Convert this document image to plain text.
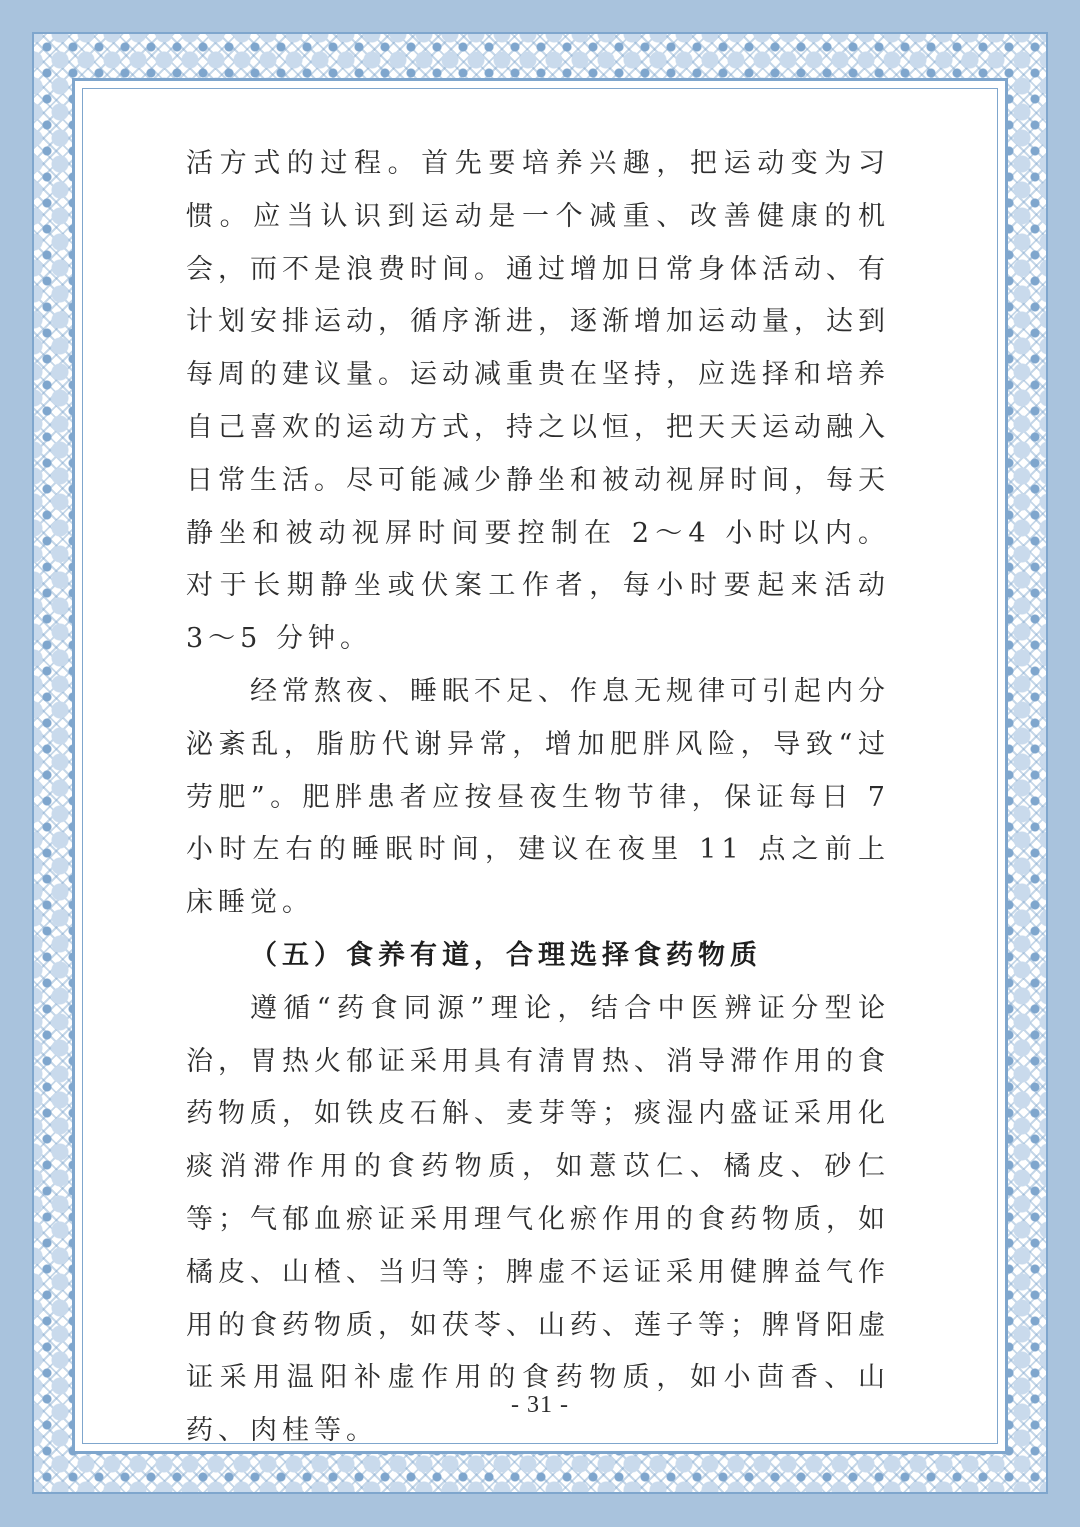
活方式的过程。首先要培养兴趣，把运动变为习惯。应当认识到运动是一个减重、改善健康的机会，而不是浪费时间。通过增加日常身体活动、有计划安排运动，循序渐进，逐渐增加运动量，达到每周的建议量。运动减重贵在坚持，应选择和培养自己喜欢的运动方式，持之以恒，把天天运动融入日常生活。尽可能减少静坐和被动视屏时间，每天静坐和被动视屏时间要控制在 2～4 小时以内。对于长期静坐或伏案工作者，每小时要起来活动 3～5 分钟。

经常熬夜、睡眠不足、作息无规律可引起内分泌紊乱，脂肪代谢异常，增加肥胖风险，导致“过劳肥”。肥胖患者应按昼夜生物节律，保证每日 7 小时左右的睡眠时间，建议在夜里 11 点之前上床睡觉。

（五）食养有道，合理选择食药物质

遵循“药食同源”理论，结合中医辨证分型论治，胃热火郁证采用具有清胃热、消导滞作用的食药物质，如铁皮石斛、麦芽等；痰湿内盛证采用化痰消滞作用的食药物质，如薏苡仁、橘皮、砂仁等；气郁血瘀证采用理气化瘀作用的食药物质，如橘皮、山楂、当归等；脾虚不运证采用健脾益气作用的食药物质，如茯苓、山药、莲子等；脾肾阳虚证采用温阳补虚作用的食药物质，如小茴香、山药、肉桂等。

- 31 -
